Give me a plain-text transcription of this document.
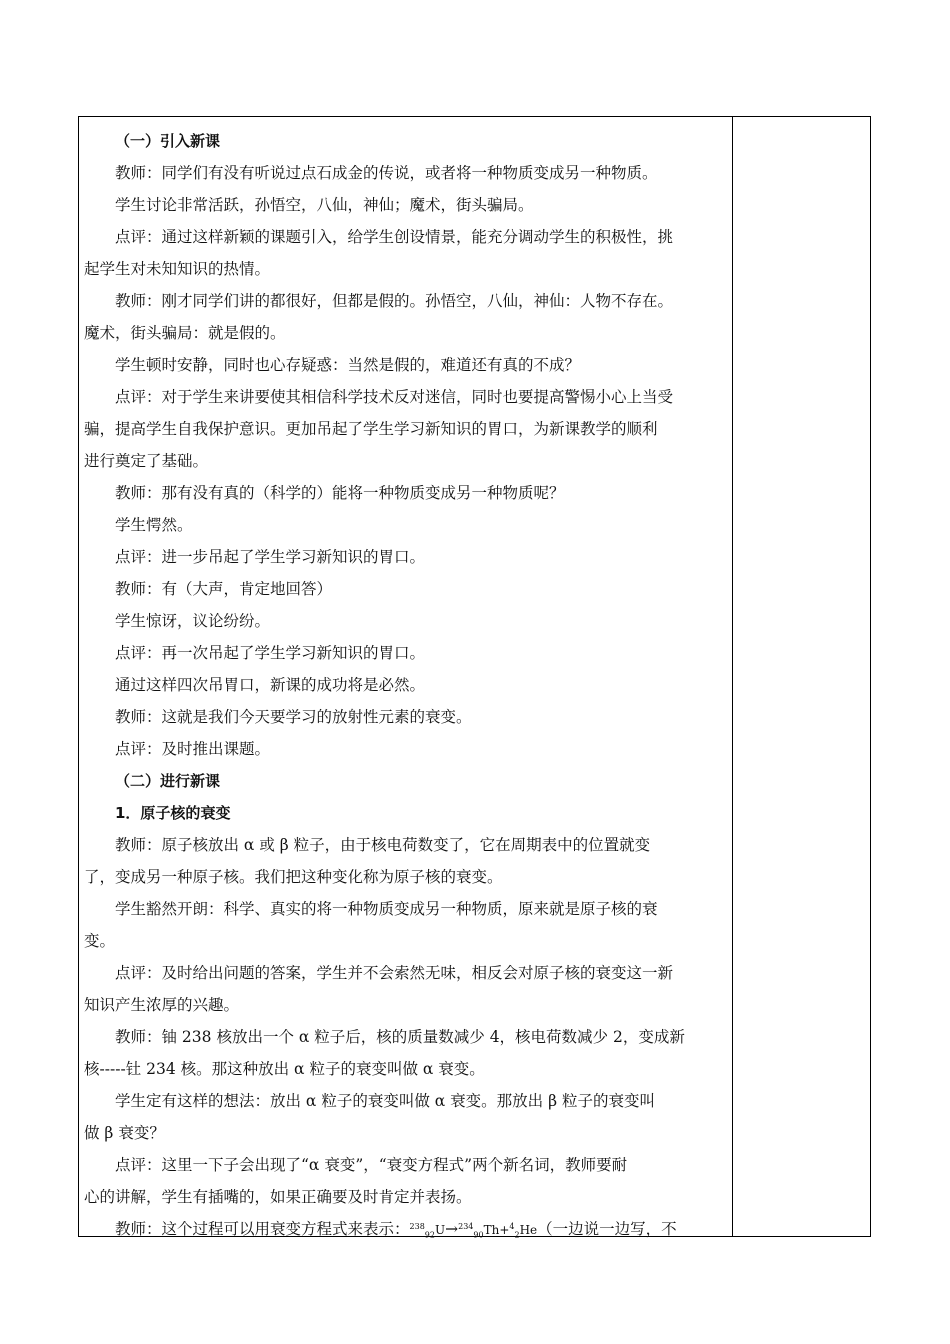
（一）引入新课
教师：同学们有没有听说过点石成金的传说，或者将一种物质变成另一种物质。
学生讨论非常活跃，孙悟空，八仙，神仙；魔术，街头骗局。
点评：通过这样新颖的课题引入，给学生创设情景，能充分调动学生的积极性，挑
起学生对未知知识的热情。
教师：刚才同学们讲的都很好，但都是假的。孙悟空，八仙，神仙：人物不存在。
魔术，街头骗局：就是假的。
学生顿时安静，同时也心存疑惑：当然是假的，难道还有真的不成？
点评：对于学生来讲要使其相信科学技术反对迷信，同时也要提高警惕小心上当受
骗，提高学生自我保护意识。更加吊起了学生学习新知识的胃口，为新课教学的顺利
进行奠定了基础。
教师：那有没有真的（科学的）能将一种物质变成另一种物质呢？
学生愕然。
点评：进一步吊起了学生学习新知识的胃口。
教师：有（大声，肯定地回答）
学生惊讶，议论纷纷。
点评：再一次吊起了学生学习新知识的胃口。
通过这样四次吊胃口，新课的成功将是必然。
教师：这就是我们今天要学习的放射性元素的衰变。
点评：及时推出课题。
（二）进行新课
1．原子核的衰变
教师：原子核放出 α 或 β 粒子，由于核电荷数变了，它在周期表中的位置就变
了，变成另一种原子核。我们把这种变化称为原子核的衰变。
学生豁然开朗：科学、真实的将一种物质变成另一种物质，原来就是原子核的衰
变。
点评：及时给出问题的答案，学生并不会索然无味，相反会对原子核的衰变这一新
知识产生浓厚的兴趣。
教师：铀 238 核放出一个 α 粒子后，核的质量数减少 4，核电荷数减少 2，变成新
核-----钍 234 核。那这种放出 α 粒子的衰变叫做 α 衰变。
学生定有这样的想法：放出 α 粒子的衰变叫做 α 衰变。那放出 β 粒子的衰变叫
做 β 衰变？
点评：这里一下子会出现了“α 衰变”，“衰变方程式”两个新名词，教师要耐
心的讲解，学生有插嘴的，如果正确要及时肯定并表扬。
教师：这个过程可以用衰变方程式来表示：$^{238}_{92}$U→$^{234}_{90}$Th+$^4_2$He（一边说一边写，不
